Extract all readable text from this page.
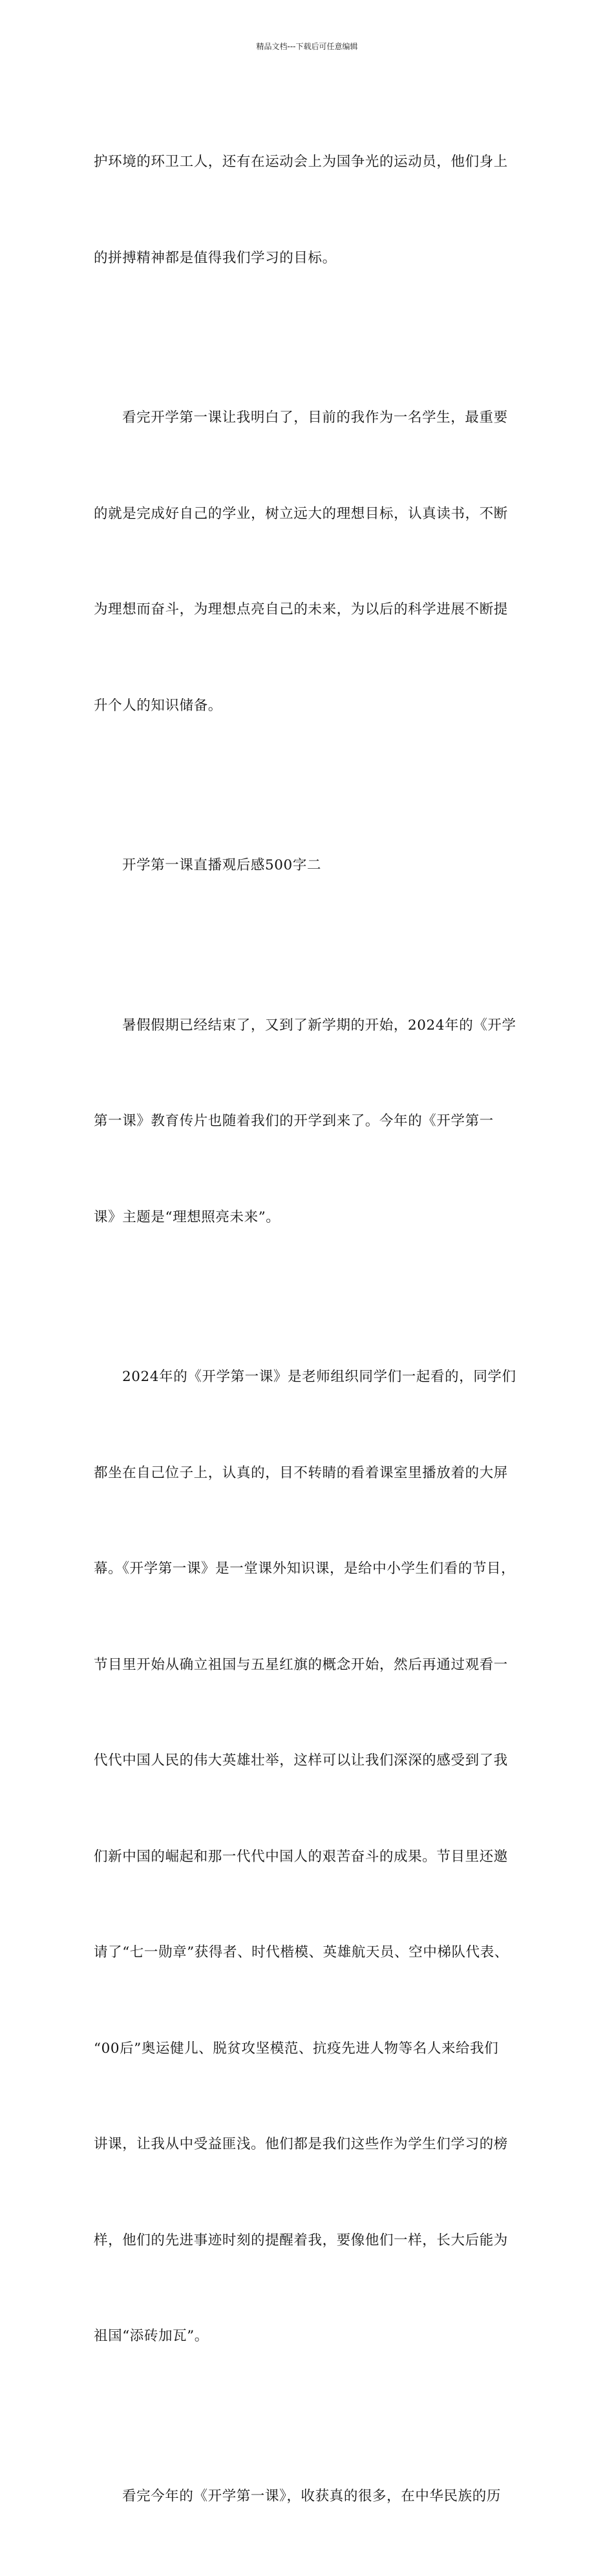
精品文档---下载后可任意编辑

护环境的环卫工人，还有在运动会上为国争光的运动员，他们身上

的拼搏精神都是值得我们学习的目标。

看完开学第一课让我明白了，目前的我作为一名学生，最重要

的就是完成好自己的学业，树立远大的理想目标，认真读书，不断

为理想而奋斗，为理想点亮自己的未来，为以后的科学进展不断提

升个人的知识储备。

开学第一课直播观后感500字二

暑假假期已经结束了，又到了新学期的开始，2024年的《开学

第一课》教育传片也随着我们的开学到来了。今年的《开学第一

课》主题是“理想照亮未来”。

2024年的《开学第一课》是老师组织同学们一起看的，同学们

都坐在自己位子上，认真的，目不转睛的看着课室里播放着的大屏

幕。《开学第一课》是一堂课外知识课，是给中小学生们看的节目，

节目里开始从确立祖国与五星红旗的概念开始，然后再通过观看一

代代中国人民的伟大英雄壮举，这样可以让我们深深的感受到了我

们新中国的崛起和那一代代中国人的艰苦奋斗的成果。节目里还邀

请了“七一勋章”获得者、时代楷模、英雄航天员、空中梯队代表、

“00后”奥运健儿、脱贫攻坚模范、抗疫先进人物等名人来给我们

讲课，让我从中受益匪浅。他们都是我们这些作为学生们学习的榜

样，他们的先进事迹时刻的提醒着我，要像他们一样，长大后能为

祖国“添砖加瓦”。

看完今年的《开学第一课》，收获真的很多，在中华民族的历
